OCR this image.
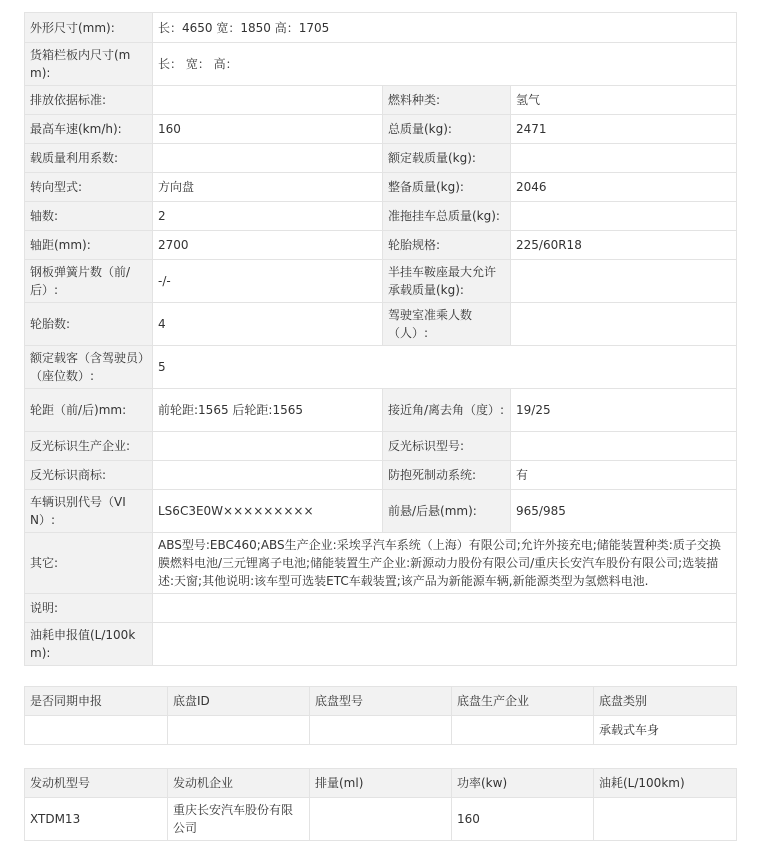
外形尺寸(mm):	长：4650 宽：1850 高：1705		
货箱栏板内尺寸(mm):	长： 宽： 高：		
排放依据标准:		燃料种类:	氢气
最高车速(km/h):	160	总质量(kg):	2471
载质量利用系数:		额定载质量(kg):	
转向型式:	方向盘	整备质量(kg):	2046
轴数:	2	准拖挂车总质量(kg):	
轴距(mm):	2700	轮胎规格:	225/60R18
钢板弹簧片数（前/后）:	-/-	半挂车鞍座最大允许承载质量(kg):	
轮胎数:	4	驾驶室准乘人数（人）:	
额定载客（含驾驶员）（座位数）:	5		
轮距（前/后)mm:	前轮距:1565 后轮距:1565	接近角/离去角（度）:	19/25
反光标识生产企业:		反光标识型号:	
反光标识商标:		防抱死制动系统:	有
车辆识别代号（VIN）:	LS6C3E0W×××××××××	前悬/后悬(mm):	965/985
其它:	ABS型号:EBC460;ABS生产企业:采埃孚汽车系统（上海）有限公司;允许外接充电;储能装置种类:质子交换膜燃料电池/三元锂离子电池;储能装置生产企业:新源动力股份有限公司/重庆长安汽车股份有限公司;选装描述:天窗;其他说明:该车型可选装ETC车载装置;该产品为新能源车辆,新能源类型为氢燃料电池.		
说明:			
油耗申报值(L/100km):			
是否同期申报	底盘ID	底盘型号	底盘生产企业	底盘类别
				承载式车身
发动机型号	发动机企业	排量(ml)	功率(kw)	油耗(L/100km)
XTDM13	重庆长安汽车股份有限公司		160	
